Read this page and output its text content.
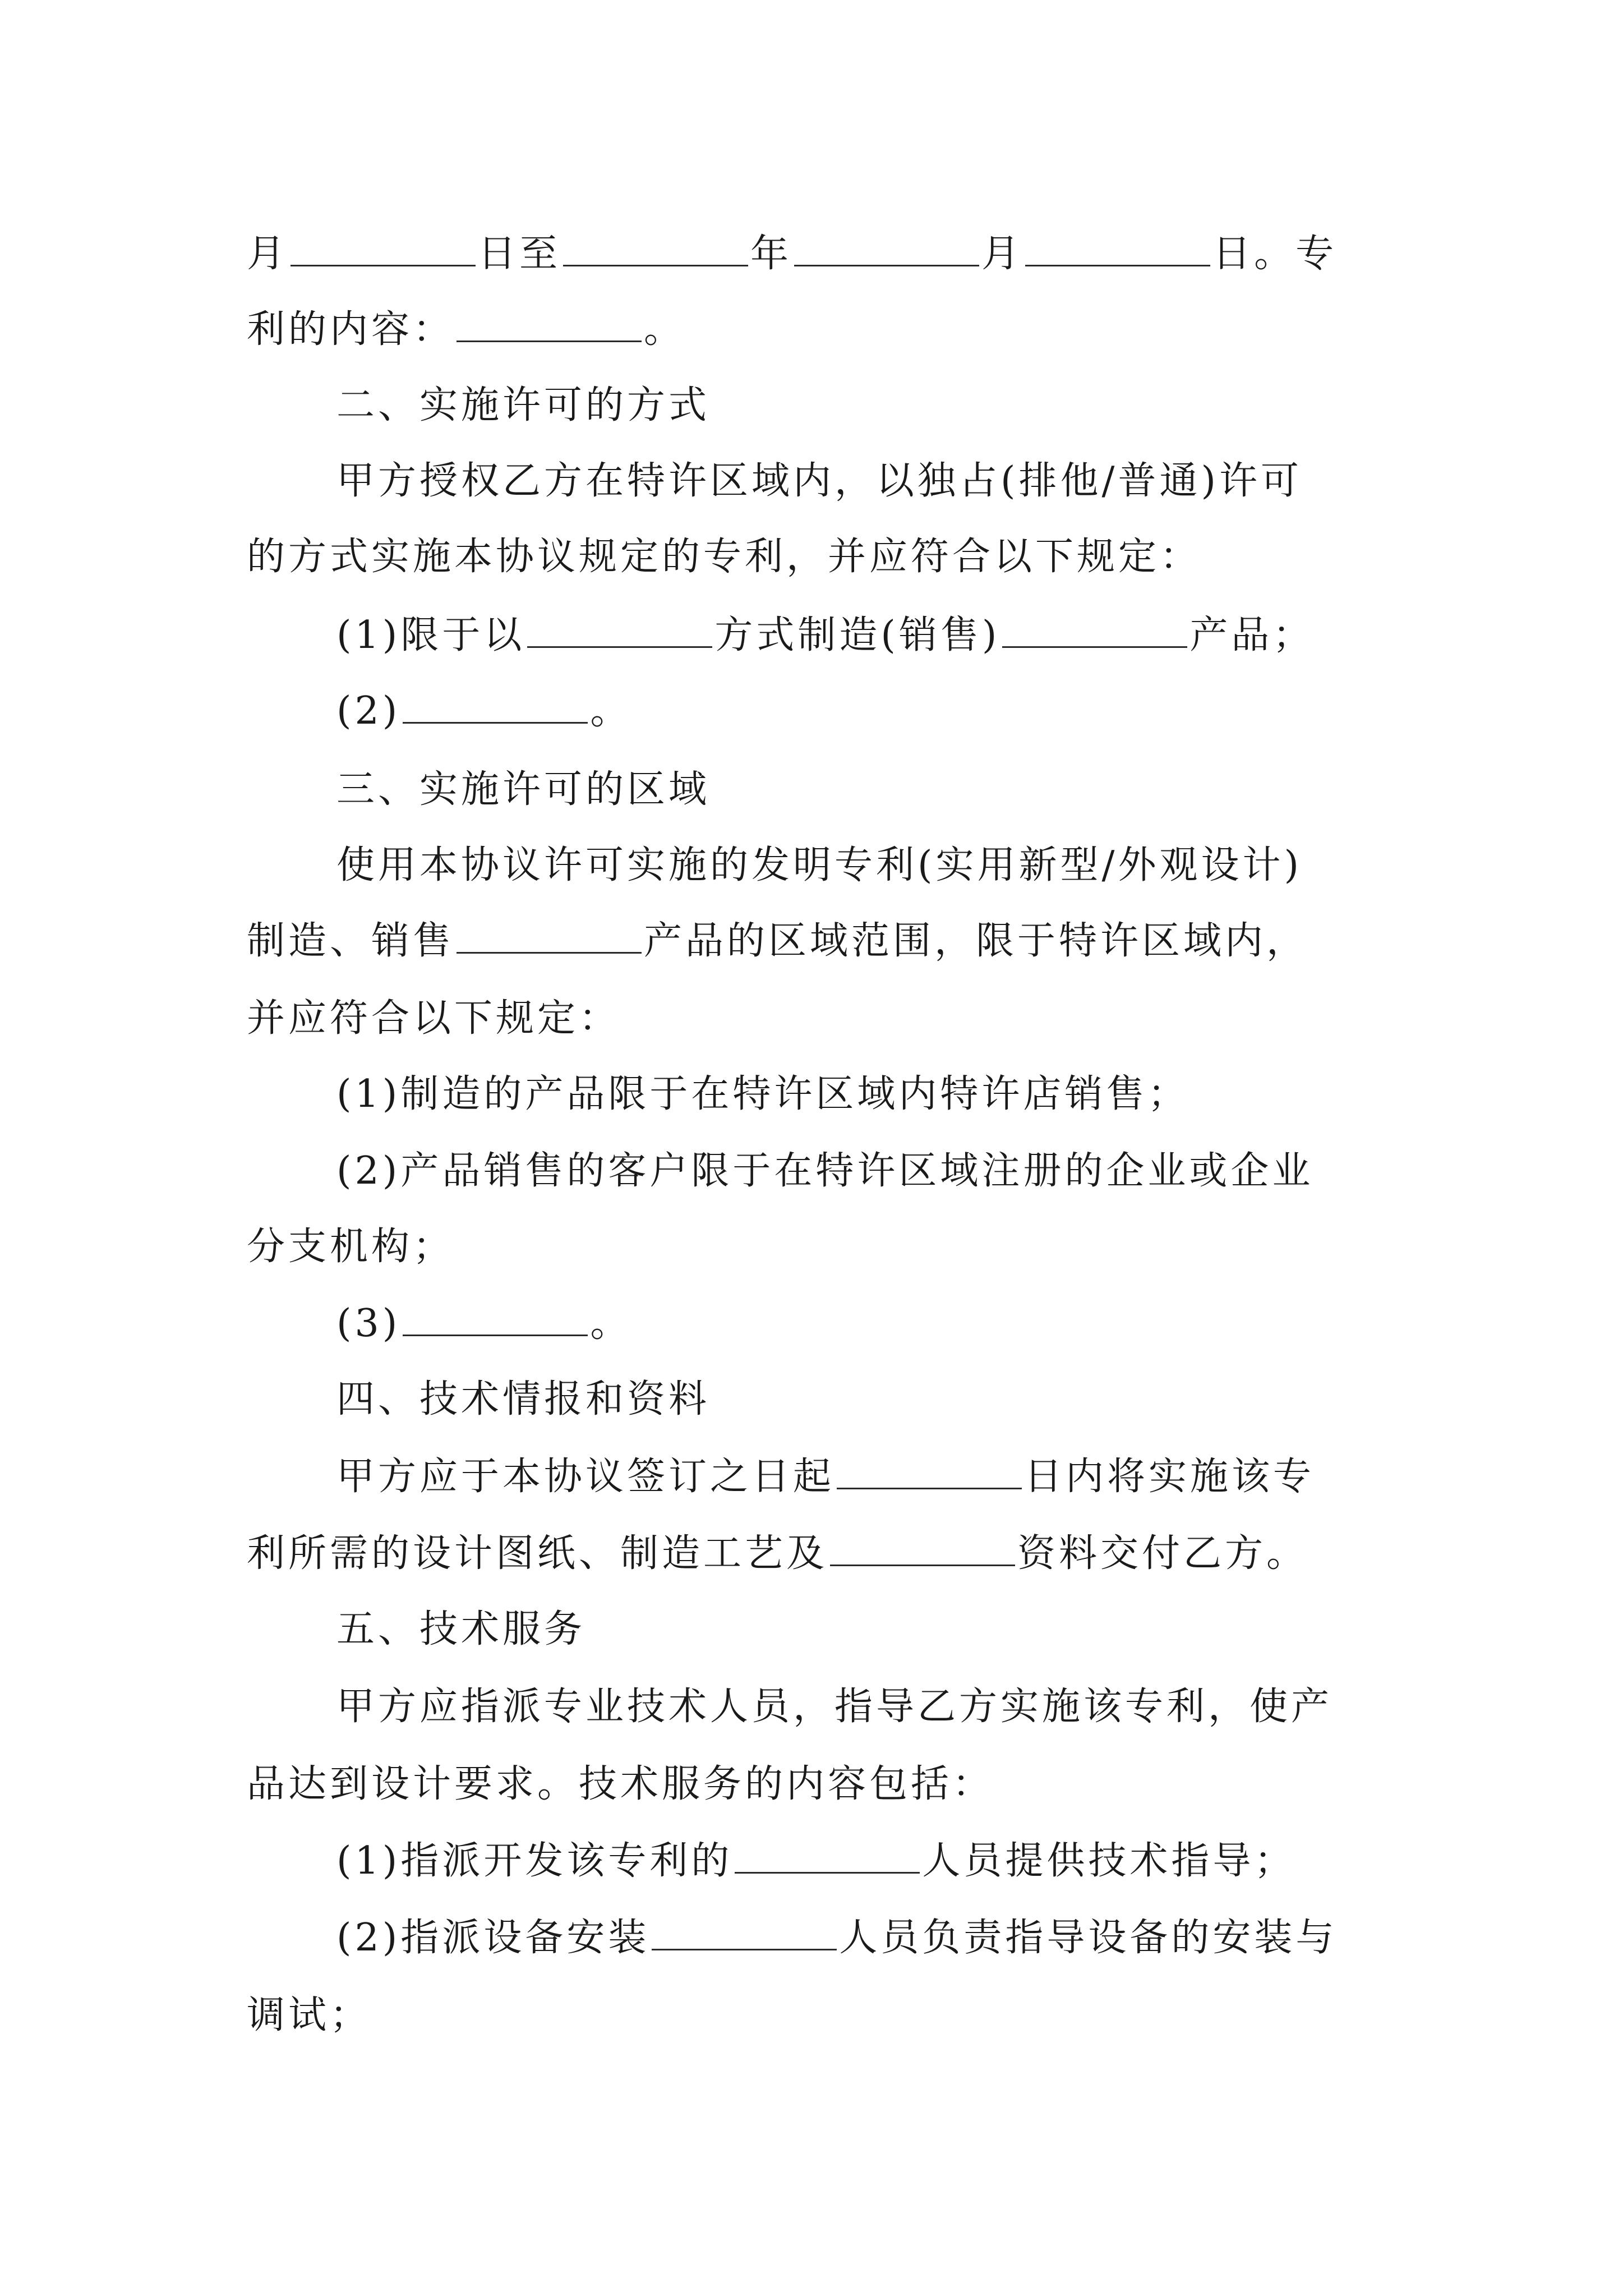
月	日至	年	月	日。专
利的内容：	。
二、实施许可的方式
甲方授权乙方在特许区域内，以独占(排他/普通)许可
的方式实施本协议规定的专利，并应符合以下规定：
(1)限于以	方式制造(销售)	产品；
(2)	。
三、实施许可的区域
使用本协议许可实施的发明专利(实用新型/外观设计)
制造、销售	产品的区域范围，限于特许区域内，
并应符合以下规定：
(1)制造的产品限于在特许区域内特许店销售；
(2)产品销售的客户限于在特许区域注册的企业或企业
分支机构；
(3)	。
四、技术情报和资料
甲方应于本协议签订之日起	日内将实施该专
利所需的设计图纸、制造工艺及	资料交付乙方。
五、技术服务
甲方应指派专业技术人员，指导乙方实施该专利，使产
品达到设计要求。技术服务的内容包括：
(1)指派开发该专利的	人员提供技术指导；
(2)指派设备安装	人员负责指导设备的安装与
调试；
